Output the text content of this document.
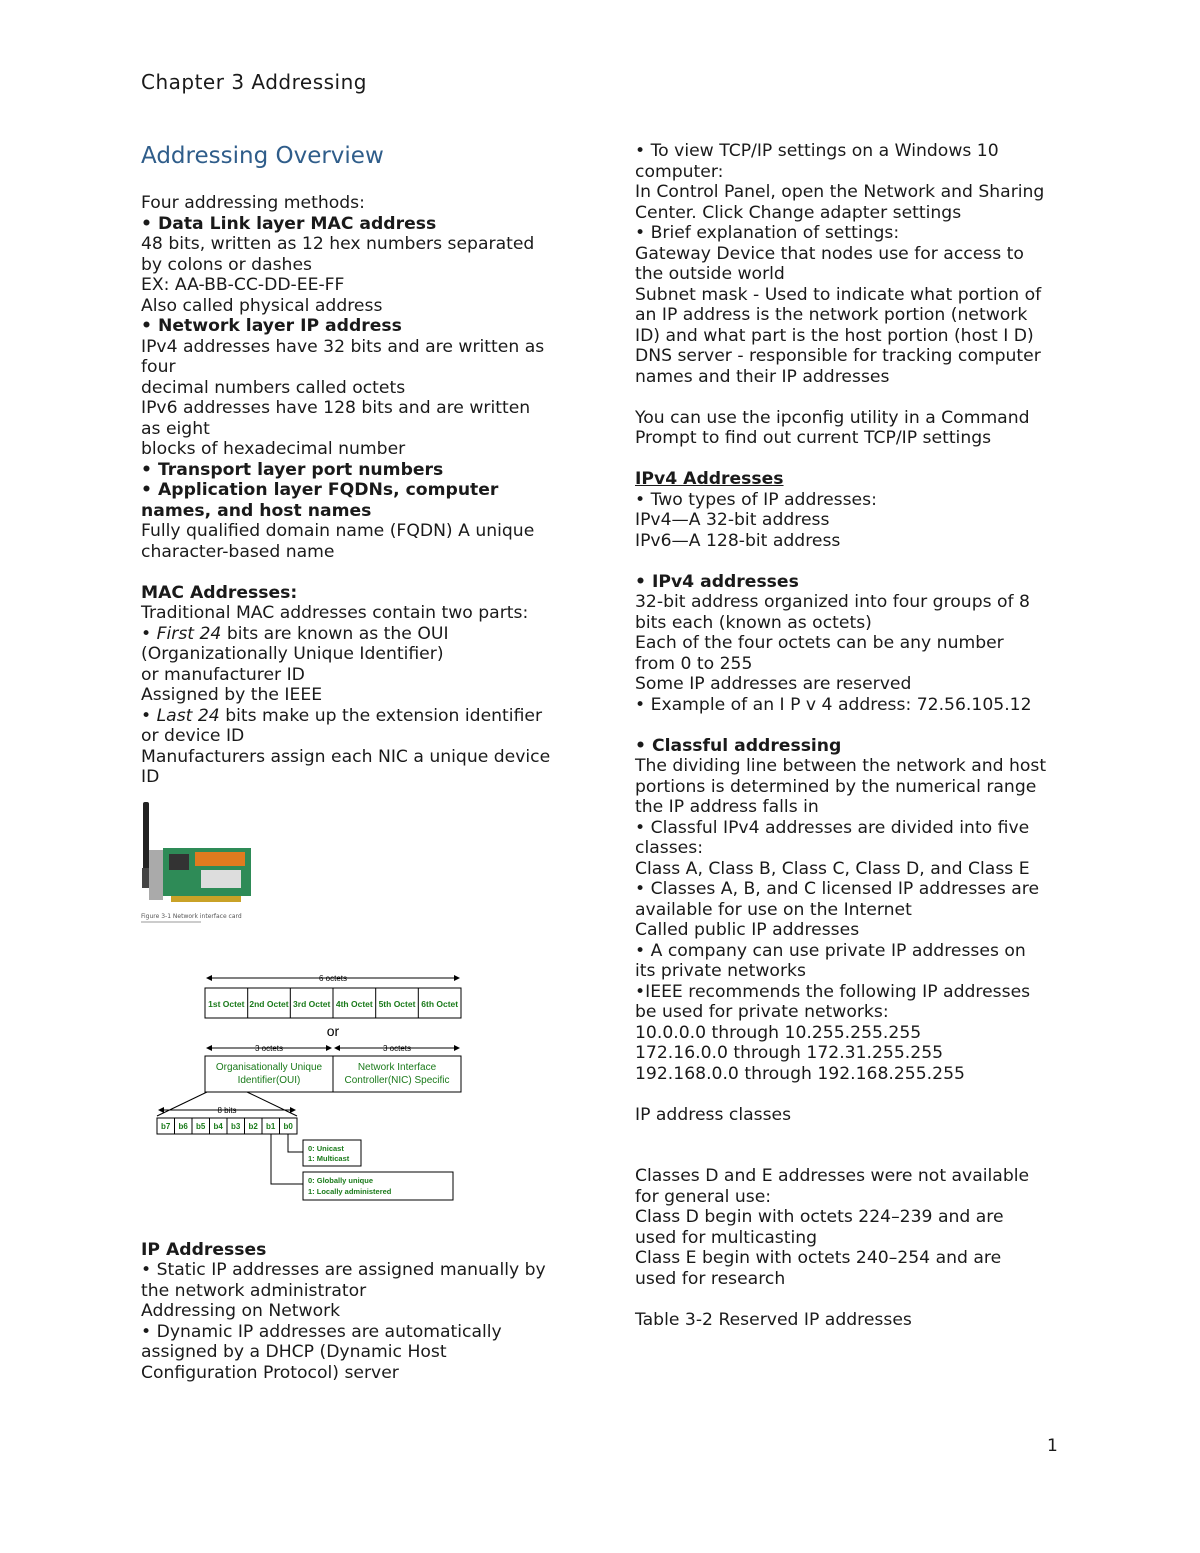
Chapter 3 Addressing
Addressing Overview
Four addressing methods:
• Data Link layer MAC address
48 bits, written as 12 hex numbers separated
by colons or dashes
EX: AA-BB-CC-DD-EE-FF
Also called physical address
• Network layer IP address
IPv4 addresses have 32 bits and are written as
four
decimal numbers called octets
IPv6 addresses have 128 bits and are written
as eight
blocks of hexadecimal number
• Transport layer port numbers
• Application layer FQDNs, computer
names, and host names
Fully qualified domain name (FQDN) A unique
character-based name
MAC Addresses:
Traditional MAC addresses contain two parts:
• First 24 bits are known as the OUI
(Organizationally Unique Identifier)
or manufacturer ID
Assigned by the IEEE
• Last 24 bits make up the extension identifier
or device ID
Manufacturers assign each NIC a unique device
ID
Figure 3-1 Network interface card
6 octets
1st Octet 2nd Octet 3rd Octet 4th Octet 5th Octet 6th Octet
or
3 octets	3 octets
Organisationally Unique
Identifier(OUI)
Network Interface
Controller(NIC) Specific
8 bits
b7 b6 b5 b4 b3 b2 b1 b0
0: Unicast
1: Multicast
0: Globally unique
1: Locally administered
IP Addresses
• Static IP addresses are assigned manually by
the network administrator
Addressing on Network
• Dynamic IP addresses are automatically
assigned by a DHCP (Dynamic Host
Configuration Protocol) server
• To view TCP/IP settings on a Windows 10
computer:
In Control Panel, open the Network and Sharing
Center. Click Change adapter settings
• Brief explanation of settings:
Gateway Device that nodes use for access to
the outside world
Subnet mask - Used to indicate what portion of
an IP address is the network portion (network
ID) and what part is the host portion (host I D)
DNS server - responsible for tracking computer
names and their IP addresses
You can use the ipconfig utility in a Command
Prompt to find out current TCP/IP settings
IPv4 Addresses
• Two types of IP addresses:
IPv4—A 32-bit address
IPv6—A 128-bit address
• IPv4 addresses
32-bit address organized into four groups of 8
bits each (known as octets)
Each of the four octets can be any number
from 0 to 255
Some IP addresses are reserved
• Example of an I P v 4 address: 72.56.105.12
• Classful addressing
The dividing line between the network and host
portions is determined by the numerical range
the IP address falls in
• Classful IPv4 addresses are divided into five
classes:
Class A, Class B, Class C, Class D, and Class E
• Classes A, B, and C licensed IP addresses are
available for use on the Internet
Called public IP addresses
• A company can use private IP addresses on
its private networks
•IEEE recommends the following IP addresses
be used for private networks:
10.0.0.0 through 10.255.255.255
172.16.0.0 through 172.31.255.255
192.168.0.0 through 192.168.255.255
IP address classes
Classes D and E addresses were not available
for general use:
Class D begin with octets 224–239 and are
used for multicasting
Class E begin with octets 240–254 and are
used for research
Table 3-2 Reserved IP addresses
1
